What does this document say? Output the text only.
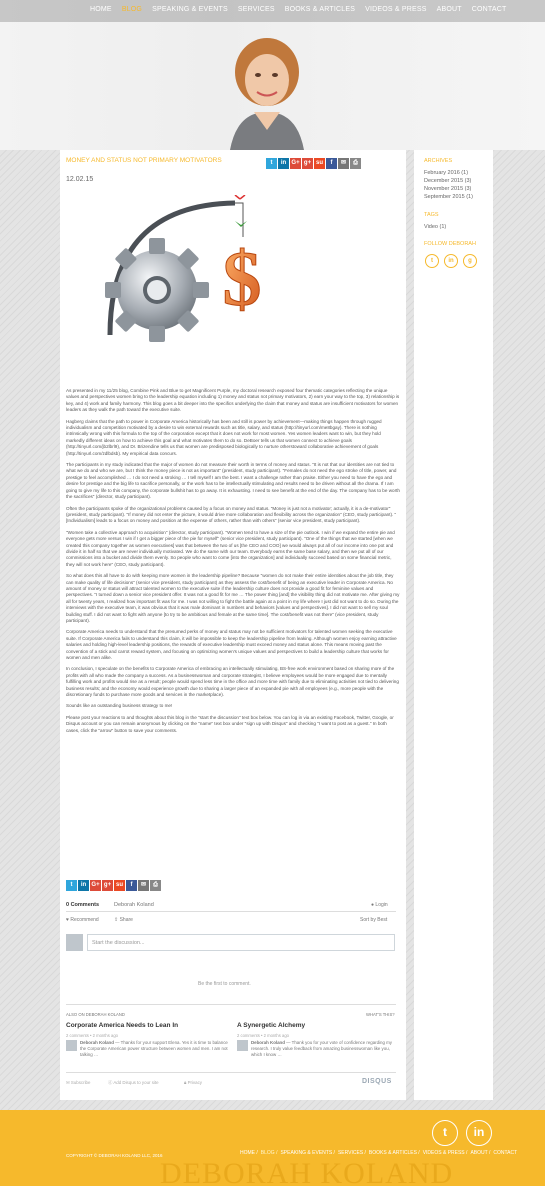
HOME BLOG SPEAKING & EVENTS SERVICES BOOKS & ARTICLES VIDEOS & PRESS ABOUT CONTACT
MONEY AND STATUS NOT PRIMARY MOTIVATORS	t	in G+ g+ su	f	✉	⎙
12.02.15
$

As presented in my 11/25 blog, Combine Pink and Blue to get Magnificent Purple, my doctoral research exposed four thematic categories reflecting the unique values and perspectives women bring to the leadership equation including 1) money and status not primary motivators, 2) earn your way to the top, 3) relationship is key, and 4) work and family harmony. This blog goes a bit deeper into the specifics underlying the claim that money and status are insufficient motivators for women leaders as they walk the path toward the executive suite.

Hagberg claims that the path to power in Corporate America historically has been and still is power by achievement—making things happen through rugged individualism and competition motivated by a desire to win external rewards such as title, salary, and status (http://tinyurl.com/me8bgay). There is nothing intrinsically wrong with this formula to the top of the corporation except that it does not work for most women. Yes women leaders want to win, but they hold markedly different ideas on how to achieve this goal and what motivates them to do so. DeBoer tells us that women connect to achieve goals (http://tinyurl.com/jb2lbrl9), and Dr. Brizendine tells us that women are predisposed biologically to nurture otherstoward collaborative achievement of goals (http://tinyurl.com/zdlbdsb). My empirical data concurs.

The participants in my study indicated that the major of women do not measure their worth in terms of money and status. "It is not that our identities are not tied to what we do and who we are, but I think the money piece is not as important" (president, study participant). "Females do not need the ego stroke of title, power, and prestige to feel accomplished … I do not need a stroking … I tell myself I am the best. I want a challenge rather than praise. Either you need to have the ego and desire for prestige and the big life to sacrifice personally, or the work has to be intellectually stimulating and results need to be driven without all the drama. If I am going to give my life to this company, the corporate bullshit has to go away. It is exhausting. I need to see benefit at the end of the day. The company has to be worth the sacrifices" (director, study participant).

Often the participants spoke of the organizational problems caused by a focus on money and status. "Money is just not a motivator; actually, it is a de-motivator" (president, study participant). "If money did not enter the picture, it would drive more collaboration and flexibility across the organization" (CEO, study participant). "[Individualism] leads to a focus on money and position at the expense of others, rather than with others" (senior vice president, study participant).

"Women take a collective approach to acquisition" (director, study participant). "Women tend to have a size of the pie outlook. I win if we expand the entire pie and everyone gets more versus I win if I get a bigger piece of the pie for myself" (senior vice president, study participant). "One of the things that we started [when we created this company together as women executives] was that between the two of us [the CEO and COO] we would always put all of our income into one pot and divide it in half so that we are never individually motivated. We do the same with our team. Everybody earns the same base salary, and then we put all of our commissions into a bucket and divide them evenly. So people who want to come [into the organization] and individually succeed based on some financial metric, they will not work here" (CEO, study participant).

So what does this all have to do with keeping more women in the leadership pipeline? Because "women do not make their entire identities about the job title, they can make quality of life decisions" (senior vice president, study participant) as they assess the cost/benefit of being an executive leader in Corporate America. No amount of money or status will attract talented women to the executive suite if the leadership culture does not provide a good fit for feminine values and perspectives. "I turned down a senior vice president offer. It was not a good fit for me … The power thing [and] the visibility thing did not motivate me. After giving my all for twenty years, I realized how important fit was for me. I was not willing to fight the battle again at a point in my life where I just did not want to do so. During the interviews with the executive team, it was obvious that it was male dominant in numbers and behaviors [values and perspectives]. I did not want to sell my soul building stuff. I did not want to fight with anyone [to try to be ambitious and female at the same time]. The cost/benefit was not there" (vice president, study participant).

Corporate America needs to understand that the presumed perks of money and status may not be sufficient motivators for talented women seeking the executive suite. If Corporate America fails to understand this claim, it will be impossible to keep the leadership pipeline from leaking. Although women enjoy earning attractive salaries and holding high-level leadership positions, the rewards of executive leadership must exceed money and status alone. This means moving past the convention of a stick and carrot reward system, and focusing on optimizing women's unique values and perspectives to build a leadership culture that works for women and men alike.

In conclusion, I speculate on the benefits to Corporate America of embracing an intellectually stimulating, BS-free work environment based on sharing more of the profits with all who made the company a success. As a businesswoman and corporate strategist, I believe employees would be more engaged due to mentally fulfilling work and profits would rise as a result; people would spend less time in the office and more time with family due to eliminating activities not tied to delivering business results; and the economy would experience growth due to sharing a larger piece of an expanded pie with all employees (e.g., more people with the discretionary funds to purchase more goods and services in the marketplace).

Sounds like an outstanding business strategy to me!

Please post your reactions to and thoughts about this blog in the "start the discussion" text box below. You can log in via an existing Facebook, Twitter, Google, or Disqus account or you can remain anonymous by clicking on the "name" text box under "sign up with Disqus" and checking "I want to post as a guest." In both cases, click the "arrow" button to save your comments.

t	in G+ g+ su	f	✉	⎙
0 Comments	Deborah Koland	● Login
♥ Recommend	⇪ Share	Sort by Best
Start the discussion...
Be the first to comment.
ALSO ON DEBORAH KOLAND	WHAT'S THIS?
Corporate America Needs to Lean In
2 comments • 2 months ago
Deborah Koland — Thanks for your support Elena. Yes it is time to balance the Corporate American power structure between women and men. I am not talking …
A Synergetic Alchemy
2 comments • 2 months ago
Deborah Koland — Thank you for your vote of confidence regarding my research. I truly value feedback from amazing businesswoman like you, which I know …
✉ Subscribe	ⓓ Add Disqus to your site	🔒︎ Privacy	DISQUS
ARCHIVES
February 2016 (1)
December 2015 (3)
November 2015 (3)
September 2015 (1)
TAGS
Video (1)
FOLLOW DEBORAH
t	in	g
DEBORAH KOLAND
t	in
HOME / BLOG / SPEAKING & EVENTS / SERVICES / BOOKS & ARTICLES / VIDEOS & PRESS / ABOUT / CONTACT
COPYRIGHT © DEBORAH KOLAND LLC, 2016
